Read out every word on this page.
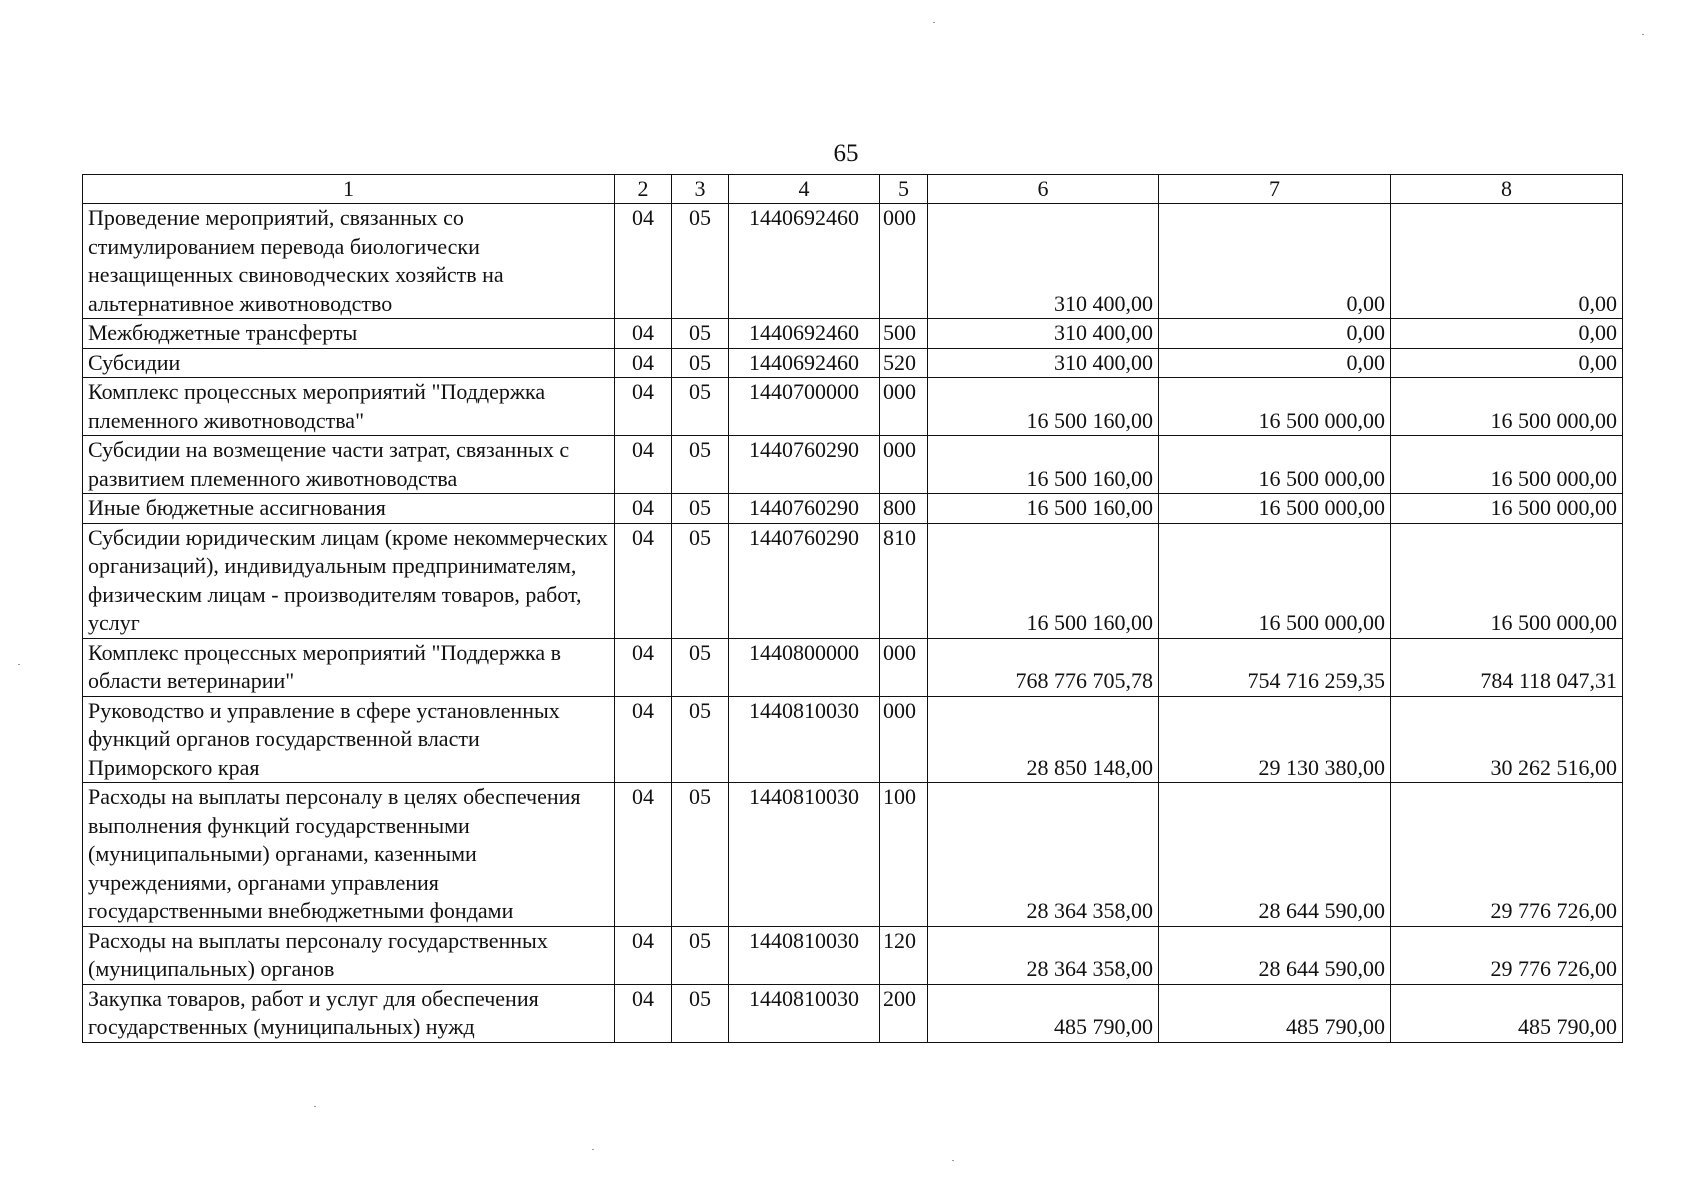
65
1	2	3	4	5	6	7	8
Проведение мероприятий, связанных со стимулированием перевода биологически незащищенных свиноводческих хозяйств на альтернативное животноводство	04	05	1440692460	000	310 400,00	0,00	0,00
Межбюджетные трансферты	04	05	1440692460	500	310 400,00	0,00	0,00
Субсидии	04	05	1440692460	520	310 400,00	0,00	0,00
Комплекс процессных мероприятий "Поддержка племенного животноводства"	04	05	1440700000	000	16 500 160,00	16 500 000,00	16 500 000,00
Субсидии на возмещение части затрат, связанных с развитием племенного животноводства	04	05	1440760290	000	16 500 160,00	16 500 000,00	16 500 000,00
Иные бюджетные ассигнования	04	05	1440760290	800	16 500 160,00	16 500 000,00	16 500 000,00
Субсидии юридическим лицам (кроме некоммерческих организаций), индивидуальным предпринимателям, физическим лицам - производителям товаров, работ, услуг	04	05	1440760290	810	16 500 160,00	16 500 000,00	16 500 000,00
Комплекс процессных мероприятий "Поддержка в области ветеринарии"	04	05	1440800000	000	768 776 705,78	754 716 259,35	784 118 047,31
Руководство и управление в сфере установленных функций органов государственной власти Приморского края	04	05	1440810030	000	28 850 148,00	29 130 380,00	30 262 516,00
Расходы на выплаты персоналу в целях обеспечения выполнения функций государственными (муниципальными) органами, казенными учреждениями, органами управления государственными внебюджетными фондами	04	05	1440810030	100	28 364 358,00	28 644 590,00	29 776 726,00
Расходы на выплаты персоналу государственных (муниципальных) органов	04	05	1440810030	120	28 364 358,00	28 644 590,00	29 776 726,00
Закупка товаров, работ и услуг для обеспечения государственных (муниципальных) нужд	04	05	1440810030	200	485 790,00	485 790,00	485 790,00
